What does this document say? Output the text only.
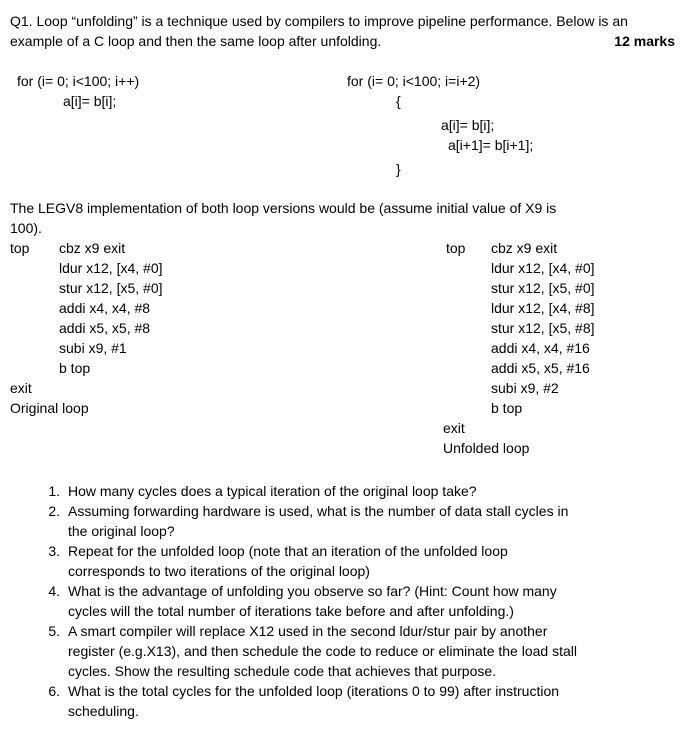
Q1. Loop “unfolding” is a technique used by compilers to improve pipeline performance. Below is an
example of a C loop and then the same loop after unfolding.	12 marks
for (i= 0; i<100; i++)
a[i]= b[i];
for (i= 0; i<100; i=i+2)
{
a[i]= b[i];
a[i+1]= b[i+1];
}
The LEGV8 implementation of both loop versions would be (assume initial value of X9 is
100).
top cbz x9 exit
ldur x12, [x4, #0]
stur x12, [x5, #0]
addi x4, x4, #8
addi x5, x5, #8
subi x9, #1
b top
exit
Original loop
top cbz x9 exit
ldur x12, [x4, #0]
stur x12, [x5, #0]
ldur x12, [x4, #8]
stur x12, [x5, #8]
addi x4, x4, #16
addi x5, x5, #16
subi x9, #2
b top
exit
Unfolded loop
1. How many cycles does a typical iteration of the original loop take?
2. Assuming forwarding hardware is used, what is the number of data stall cycles in the original loop?
3. Repeat for the unfolded loop (note that an iteration of the unfolded loop corresponds to two iterations of the original loop)
4. What is the advantage of unfolding you observe so far? (Hint: Count how many cycles will the total number of iterations take before and after unfolding.)
5. A smart compiler will replace X12 used in the second ldur/stur pair by another register (e.g.X13), and then schedule the code to reduce or eliminate the load stall cycles. Show the resulting schedule code that achieves that purpose.
6. What is the total cycles for the unfolded loop (iterations 0 to 99) after instruction scheduling.
